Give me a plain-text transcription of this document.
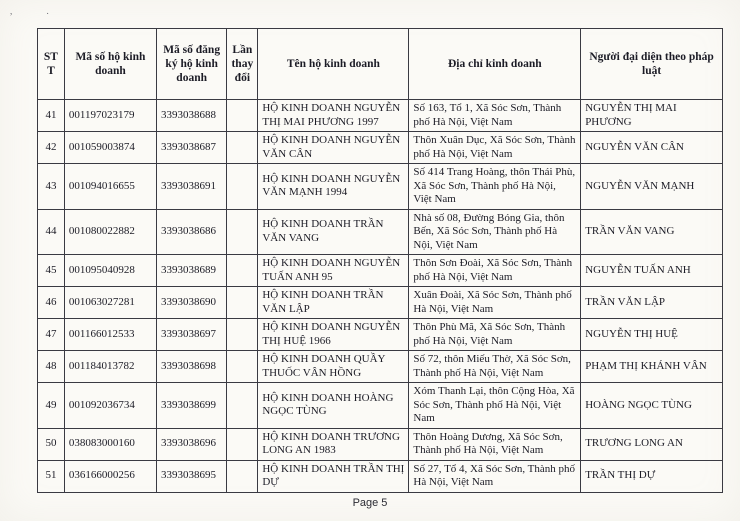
, .
STT	Mã số hộ kinh doanh	Mã số đăng ký hộ kinh doanh	Lần thay đổi	Tên hộ kinh doanh	Địa chỉ kinh doanh	Người đại diện theo pháp luật
41	001197023179	3393038688		HỘ KINH DOANH NGUYỄN THỊ MAI PHƯƠNG 1997	Số 163, Tổ 1, Xã Sóc Sơn, Thành phố Hà Nội, Việt Nam	NGUYỄN THỊ MAI PHƯƠNG
42	001059003874	3393038687		HỘ KINH DOANH NGUYỄN VĂN CÂN	Thôn Xuân Dục, Xã Sóc Sơn, Thành phố Hà Nội, Việt Nam	NGUYỄN VĂN CÂN
43	001094016655	3393038691		HỘ KINH DOANH NGUYỄN VĂN MẠNH 1994	Số 414 Trang Hoàng, thôn Thái Phù, Xã Sóc Sơn, Thành phố Hà Nội, Việt Nam	NGUYỄN VĂN MẠNH
44	001080022882	3393038686		HỘ KINH DOANH TRẦN VĂN VANG	Nhà số 08, Đường Bóng Gia, thôn Bến, Xã Sóc Sơn, Thành phố Hà Nội, Việt Nam	TRẦN VĂN VANG
45	001095040928	3393038689		HỘ KINH DOANH NGUYỄN TUẤN ANH 95	Thôn Sơn Đoài, Xã Sóc Sơn, Thành phố Hà Nội, Việt Nam	NGUYỄN TUẤN ANH
46	001063027281	3393038690		HỘ KINH DOANH TRẦN VĂN LẬP	Xuân Đoài, Xã Sóc Sơn, Thành phố Hà Nội, Việt Nam	TRẦN VĂN LẬP
47	001166012533	3393038697		HỘ KINH DOANH NGUYỄN THỊ HUỆ 1966	Thôn Phù Mã, Xã Sóc Sơn, Thành phố Hà Nội, Việt Nam	NGUYỄN THỊ HUỆ
48	001184013782	3393038698		HỘ KINH DOANH QUẦY THUỐC VÂN HỒNG	Số 72, thôn Miếu Thờ, Xã Sóc Sơn, Thành phố Hà Nội, Việt Nam	PHẠM THỊ KHÁNH VÂN
49	001092036734	3393038699		HỘ KINH DOANH HOÀNG NGỌC TÙNG	Xóm Thanh Lại, thôn Cộng Hòa, Xã Sóc Sơn, Thành phố Hà Nội, Việt Nam	HOÀNG NGỌC TÙNG
50	038083000160	3393038696		HỘ KINH DOANH TRƯƠNG LONG AN 1983	Thôn Hoàng Dương, Xã Sóc Sơn, Thành phố Hà Nội, Việt Nam	TRƯƠNG LONG AN
51	036166000256	3393038695		HỘ KINH DOANH TRẦN THỊ DỰ	Số 27, Tổ 4, Xã Sóc Sơn, Thành phố Hà Nội, Việt Nam	TRẦN THỊ DỰ
Page 5
